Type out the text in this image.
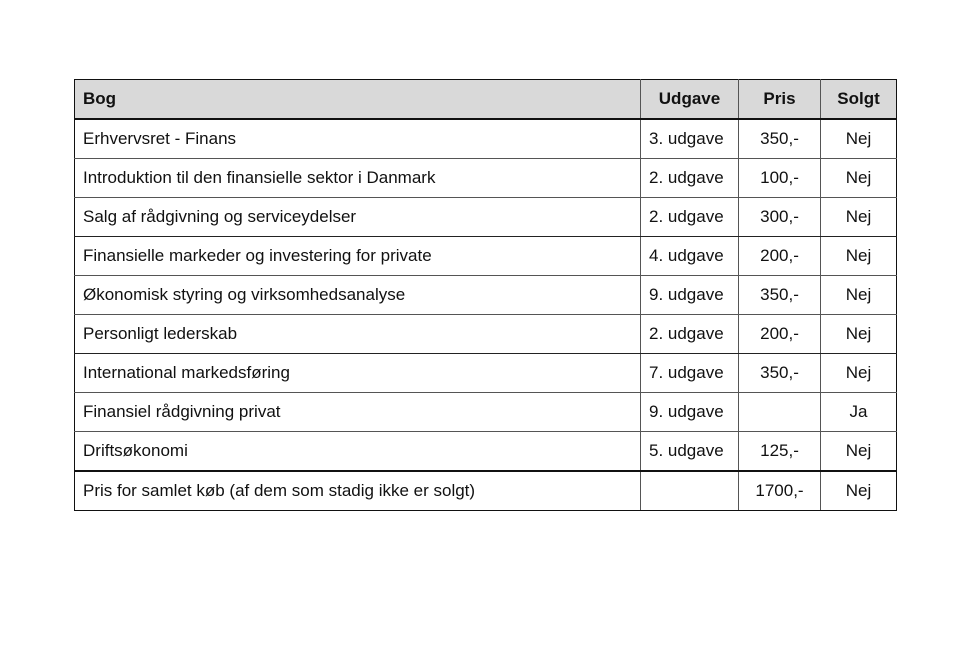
Bog	Udgave	Pris	Solgt
Erhvervsret - Finans	3. udgave	350,-	Nej
Introduktion til den finansielle sektor i Danmark	2. udgave	100,-	Nej
Salg af rådgivning og serviceydelser	2. udgave	300,-	Nej
Finansielle markeder og investering for private	4. udgave	200,-	Nej
Økonomisk styring og virksomhedsanalyse	9. udgave	350,-	Nej
Personligt lederskab	2. udgave	200,-	Nej
International markedsføring	7. udgave	350,-	Nej
Finansiel rådgivning privat	9. udgave		Ja
Driftsøkonomi	5. udgave	125,-	Nej
Pris for samlet køb (af dem som stadig ikke er solgt)		1700,-	Nej
